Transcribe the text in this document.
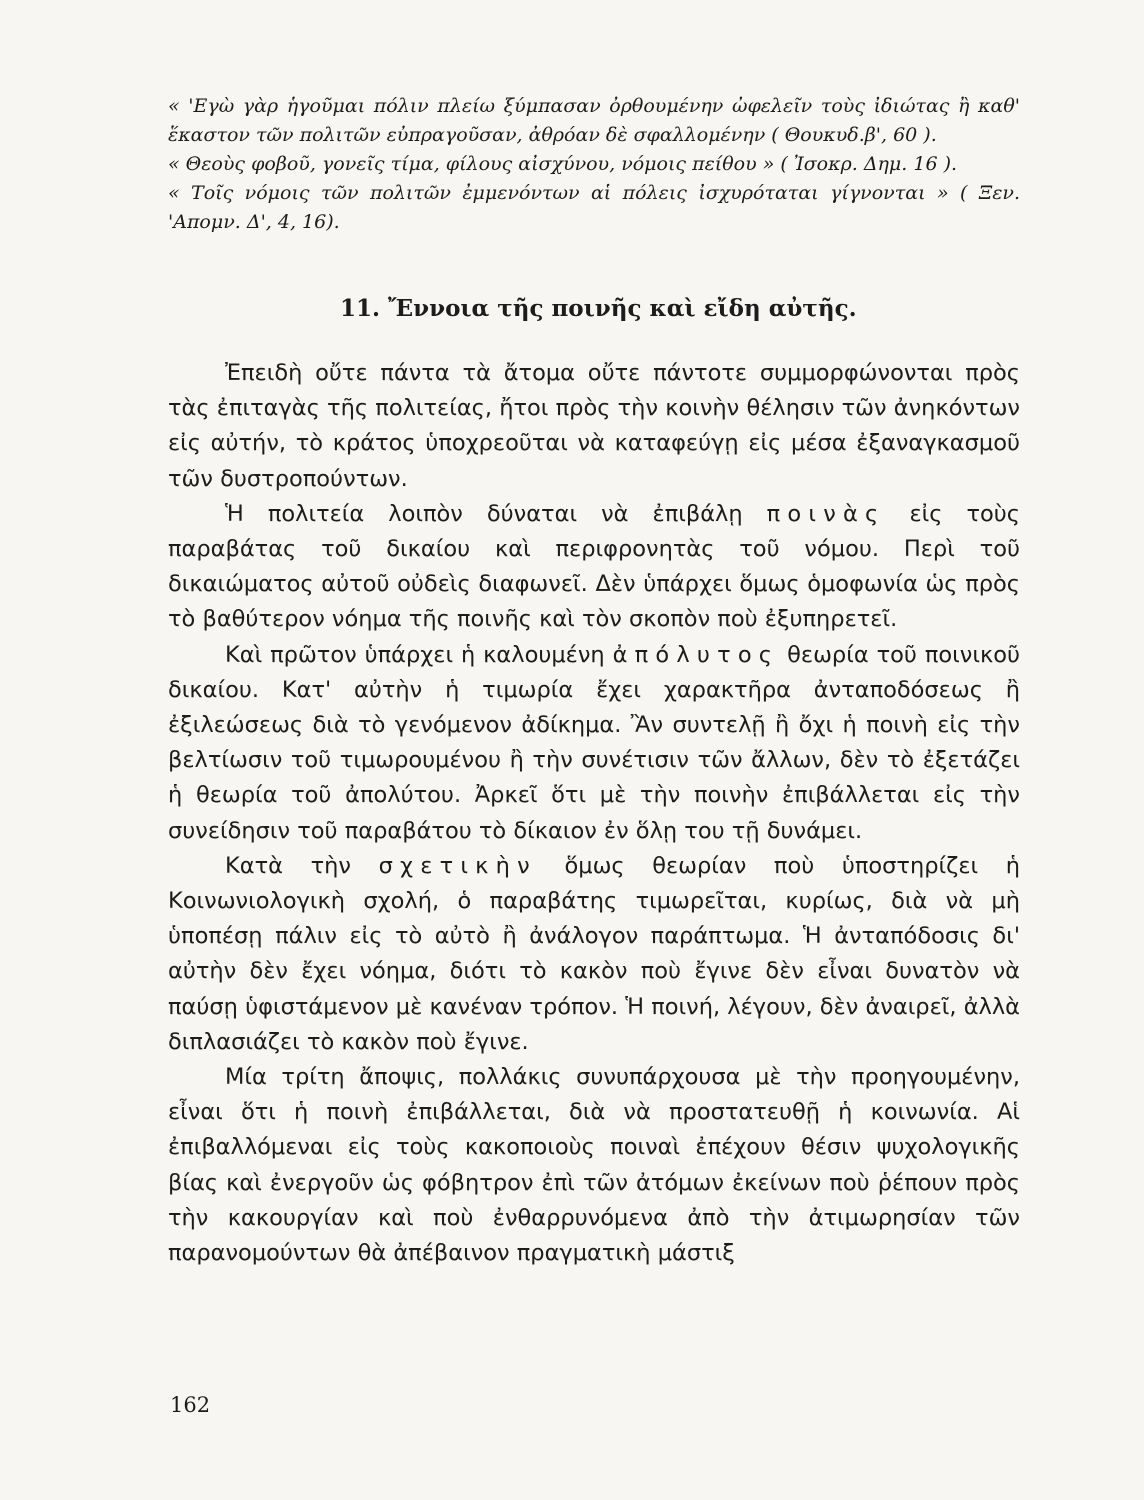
« 'Εγὼ γὰρ ἡγοῦμαι πόλιν πλείω ξύμπασαν ὀρθουμένην ὠφελεῖν τοὺς ἰδιώτας ἢ καθ' ἕκαστον τῶν πολιτῶν εὐπραγοῦσαν, ἀθρόαν δὲ σφαλλομένην ( Θουκυδ.β', 60 ).
« Θεοὺς φοβοῦ, γονεῖς τίμα, φίλους αἰσχύνου, νόμοις πείθου » ( Ἰσοκρ. Δημ. 16 ).
« Τοῖς νόμοις τῶν πολιτῶν ἐμμενόντων αἱ πόλεις ἰσχυρόταται γίγνονται » ( Ξεν. 'Απομν. Δ', 4, 16).
11. Ἔννοια τῆς ποινῆς καὶ εἴδη αὐτῆς.

Ἐπειδὴ οὔτε πάντα τὰ ἄτομα οὔτε πάντοτε συμμορφώνονται πρὸς τὰς ἐπιταγὰς τῆς πολιτείας, ἤτοι πρὸς τὴν κοινὴν θέλησιν τῶν ἀνηκόντων εἰς αὐτήν, τὸ κράτος ὑποχρεοῦται νὰ καταφεύγῃ εἰς μέσα ἐξαναγκασμοῦ τῶν δυστροπούντων.

Ἡ πολιτεία λοιπὸν δύναται νὰ ἐπιβάλῃ ποινὰς εἰς τοὺς παραβάτας τοῦ δικαίου καὶ περιφρονητὰς τοῦ νόμου. Περὶ τοῦ δικαιώματος αὐτοῦ οὐδεὶς διαφωνεῖ. Δὲν ὑπάρχει ὅμως ὁμοφωνία ὡς πρὸς τὸ βαθύτερον νόημα τῆς ποινῆς καὶ τὸν σκοπὸν ποὺ ἐξυπηρετεῖ.

Καὶ πρῶτον ὑπάρχει ἡ καλουμένη ἀπόλυτος θεωρία τοῦ ποινικοῦ δικαίου. Κατ' αὐτὴν ἡ τιμωρία ἔχει χαρακτῆρα ἀνταποδόσεως ἢ ἐξιλεώσεως διὰ τὸ γενόμενον ἀδίκημα. Ἂν συντελῇ ἢ ὄχι ἡ ποινὴ εἰς τὴν βελτίωσιν τοῦ τιμωρουμένου ἢ τὴν συνέτισιν τῶν ἄλλων, δὲν τὸ ἐξετάζει ἡ θεωρία τοῦ ἀπολύτου. Ἀρκεῖ ὅτι μὲ τὴν ποινὴν ἐπιβάλλεται εἰς τὴν συνείδησιν τοῦ παραβάτου τὸ δίκαιον ἐν ὅλῃ του τῇ δυνάμει.

Κατὰ τὴν σχετικὴν ὅμως θεωρίαν ποὺ ὑποστηρίζει ἡ Κοινωνιολογικὴ σχολή, ὁ παραβάτης τιμωρεῖται, κυρίως, διὰ νὰ μὴ ὑποπέσῃ πάλιν εἰς τὸ αὐτὸ ἢ ἀνάλογον παράπτωμα. Ἡ ἀνταπόδοσις δι' αὐτὴν δὲν ἔχει νόημα, διότι τὸ κακὸν ποὺ ἔγινε δὲν εἶναι δυνατὸν νὰ παύσῃ ὑφιστάμενον μὲ κανέναν τρόπον. Ἡ ποινή, λέγουν, δὲν ἀναιρεῖ, ἀλλὰ διπλασιάζει τὸ κακὸν ποὺ ἔγινε.

Μία τρίτη ἄποψις, πολλάκις συνυπάρχουσα μὲ τὴν προηγουμένην, εἶναι ὅτι ἡ ποινὴ ἐπιβάλλεται, διὰ νὰ προστατευθῇ ἡ κοινωνία. Αἱ ἐπιβαλλόμεναι εἰς τοὺς κακοποιοὺς ποιναὶ ἐπέχουν θέσιν ψυχολογικῆς βίας καὶ ἐνεργοῦν ὡς φόβητρον ἐπὶ τῶν ἀτόμων ἐκείνων ποὺ ῥέπουν πρὸς τὴν κακουργίαν καὶ ποὺ ἐνθαρρυνόμενα ἀπὸ τὴν ἀτιμωρησίαν τῶν παρανομούντων θὰ ἀπέβαινον πραγματικὴ μάστιξ

162
